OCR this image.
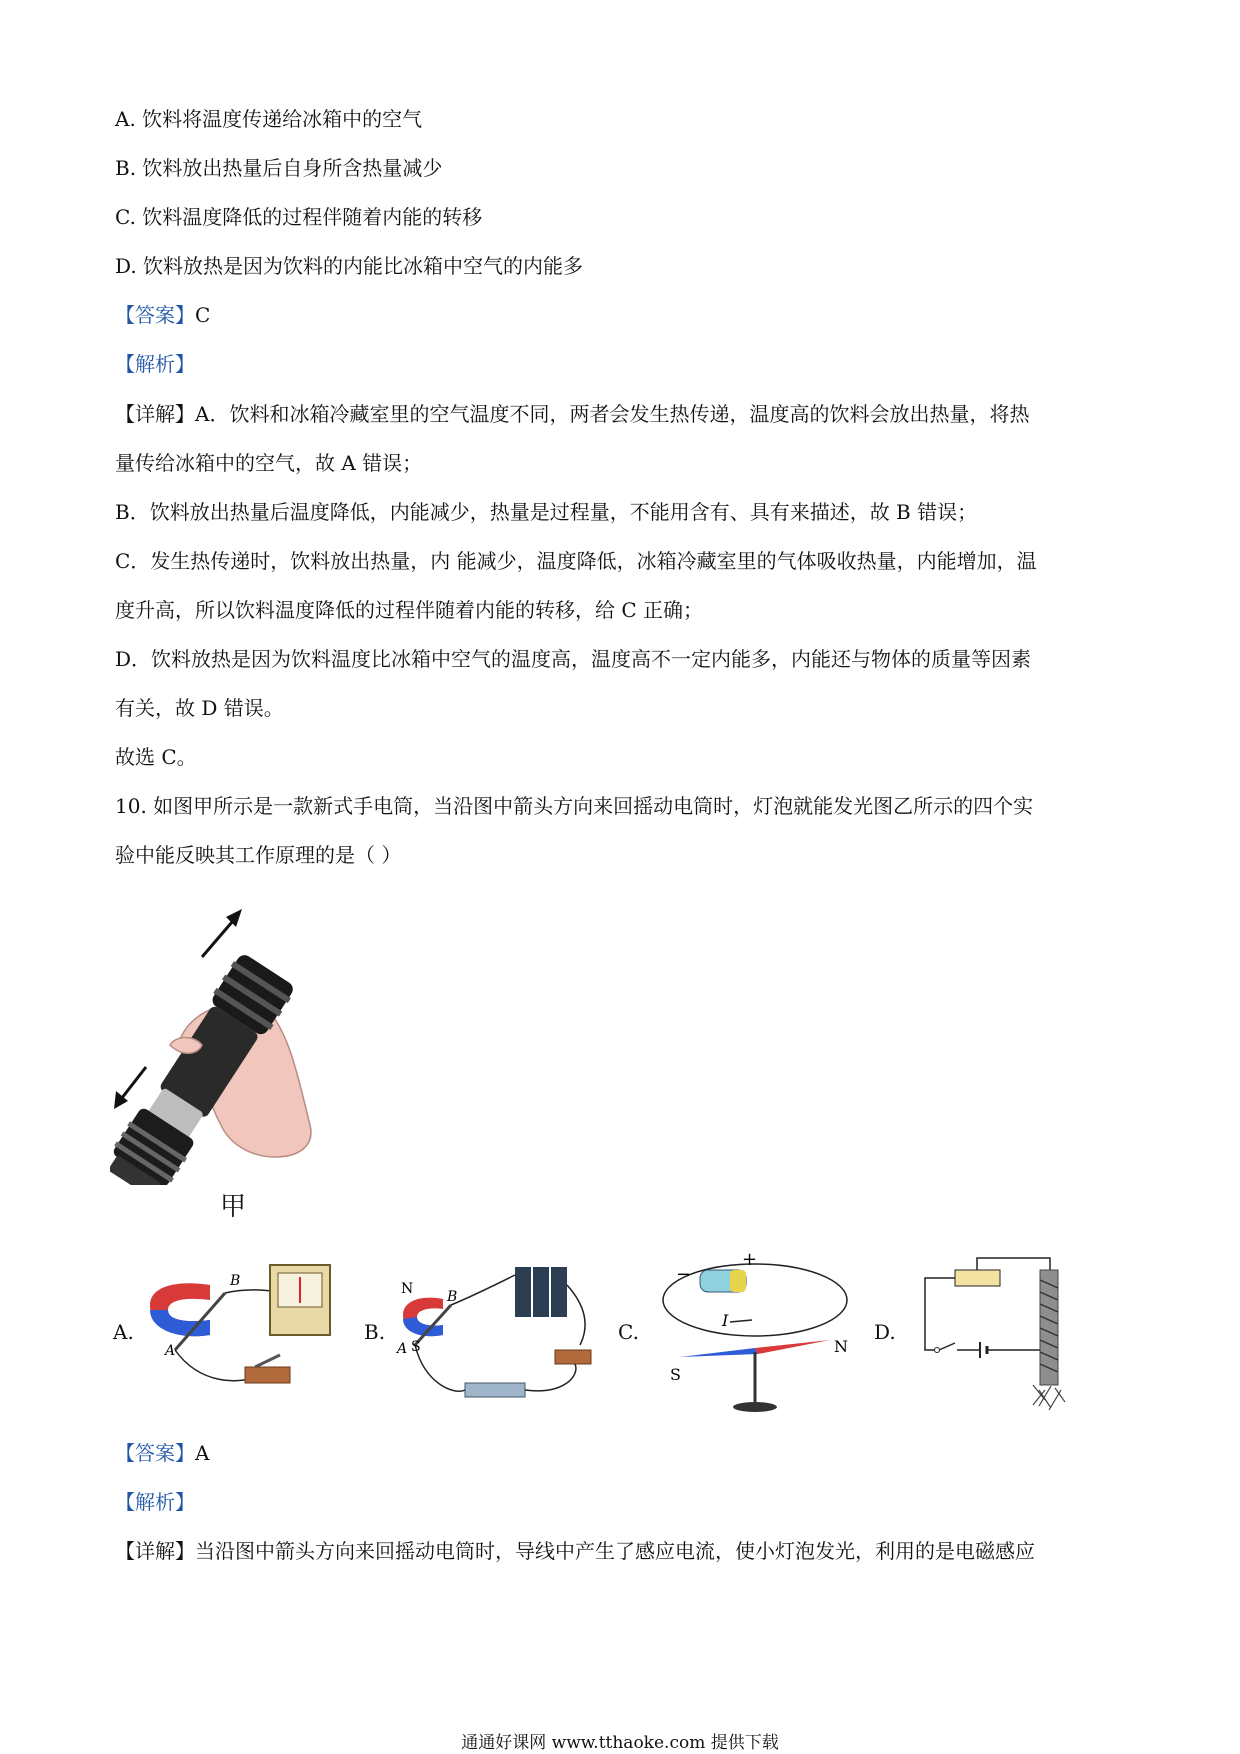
A. 饮料将温度传递给冰箱中的空气

B. 饮料放出热量后自身所含热量减少

C. 饮料温度降低的过程伴随着内能的转移

D. 饮料放热是因为饮料的内能比冰箱中空气的内能多

【答案】C

【解析】

【详解】A．饮料和冰箱冷藏室里的空气温度不同，两者会发生热传递，温度高的饮料会放出热量，将热

量传给冰箱中的空气，故 A 错误；

B．饮料放出热量后温度降低，内能减少，热量是过程量，不能用含有、具有来描述，故 B 错误；

C．发生热传递时，饮料放出热量，内 能减少，温度降低，冰箱冷藏室里的气体吸收热量，内能增加，温

度升高，所以饮料温度降低的过程伴随着内能的转移，给 C 正确；

D．饮料放热是因为饮料温度比冰箱中空气的温度高，温度高不一定内能多，内能还与物体的质量等因素

有关，故 D 错误。

故选 C。

10. 如图甲所示是一款新式手电筒，当沿图中箭头方向来回摇动电筒时，灯泡就能发光图乙所示的四个实

验中能反映其工作原理的是（ ）

甲
A.	B.	C.	D.
A
B	N B
A S
−
+
I
N
S

【答案】A

【解析】

【详解】当沿图中箭头方向来回摇动电筒时，导线中产生了感应电流，使小灯泡发光，利用的是电磁感应

通通好课网 www.tthaoke.com 提供下载
